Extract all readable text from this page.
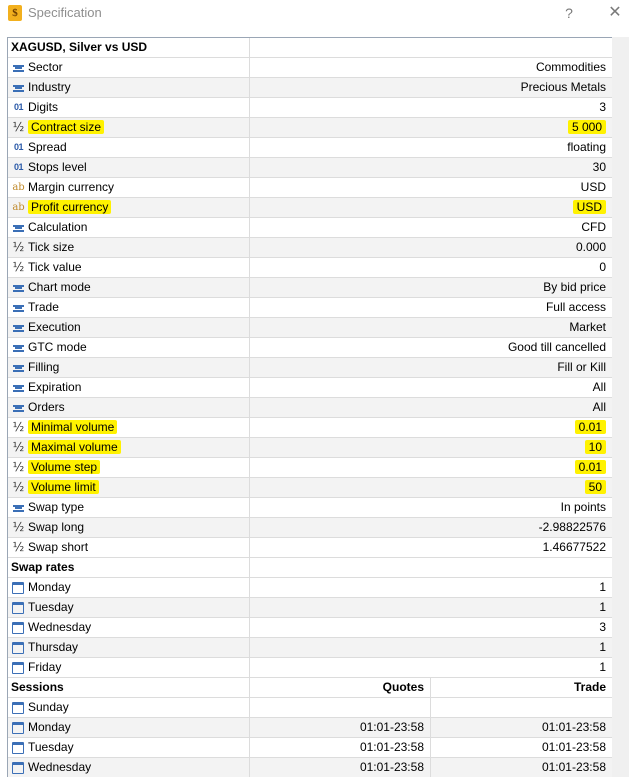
$ Specification	?	✕
XAGUSD, Silver vs USD
Sector	Commodities
Industry	Precious Metals
01 Digits	3
½ Contract size	5 000
01 Spread	floating
01 Stops level	30
ab Margin currency	USD
ab Profit currency	USD
Calculation	CFD
½ Tick size	0.000
½ Tick value	0
Chart mode	By bid price
Trade	Full access
Execution	Market
GTC mode	Good till cancelled
Filling	Fill or Kill
Expiration	All
Orders	All
½ Minimal volume	0.01
½ Maximal volume	10
½ Volume step	0.01
½ Volume limit	50
Swap type	In points
½ Swap long	-2.98822576
½ Swap short	1.46677522
Swap rates
Monday	1
Tuesday	1
Wednesday	3
Thursday	1
Friday	1
Sessions	Quotes	Trade
Sunday
Monday	01:01-23:58	01:01-23:58
Tuesday	01:01-23:58	01:01-23:58
Wednesday	01:01-23:58	01:01-23:58
